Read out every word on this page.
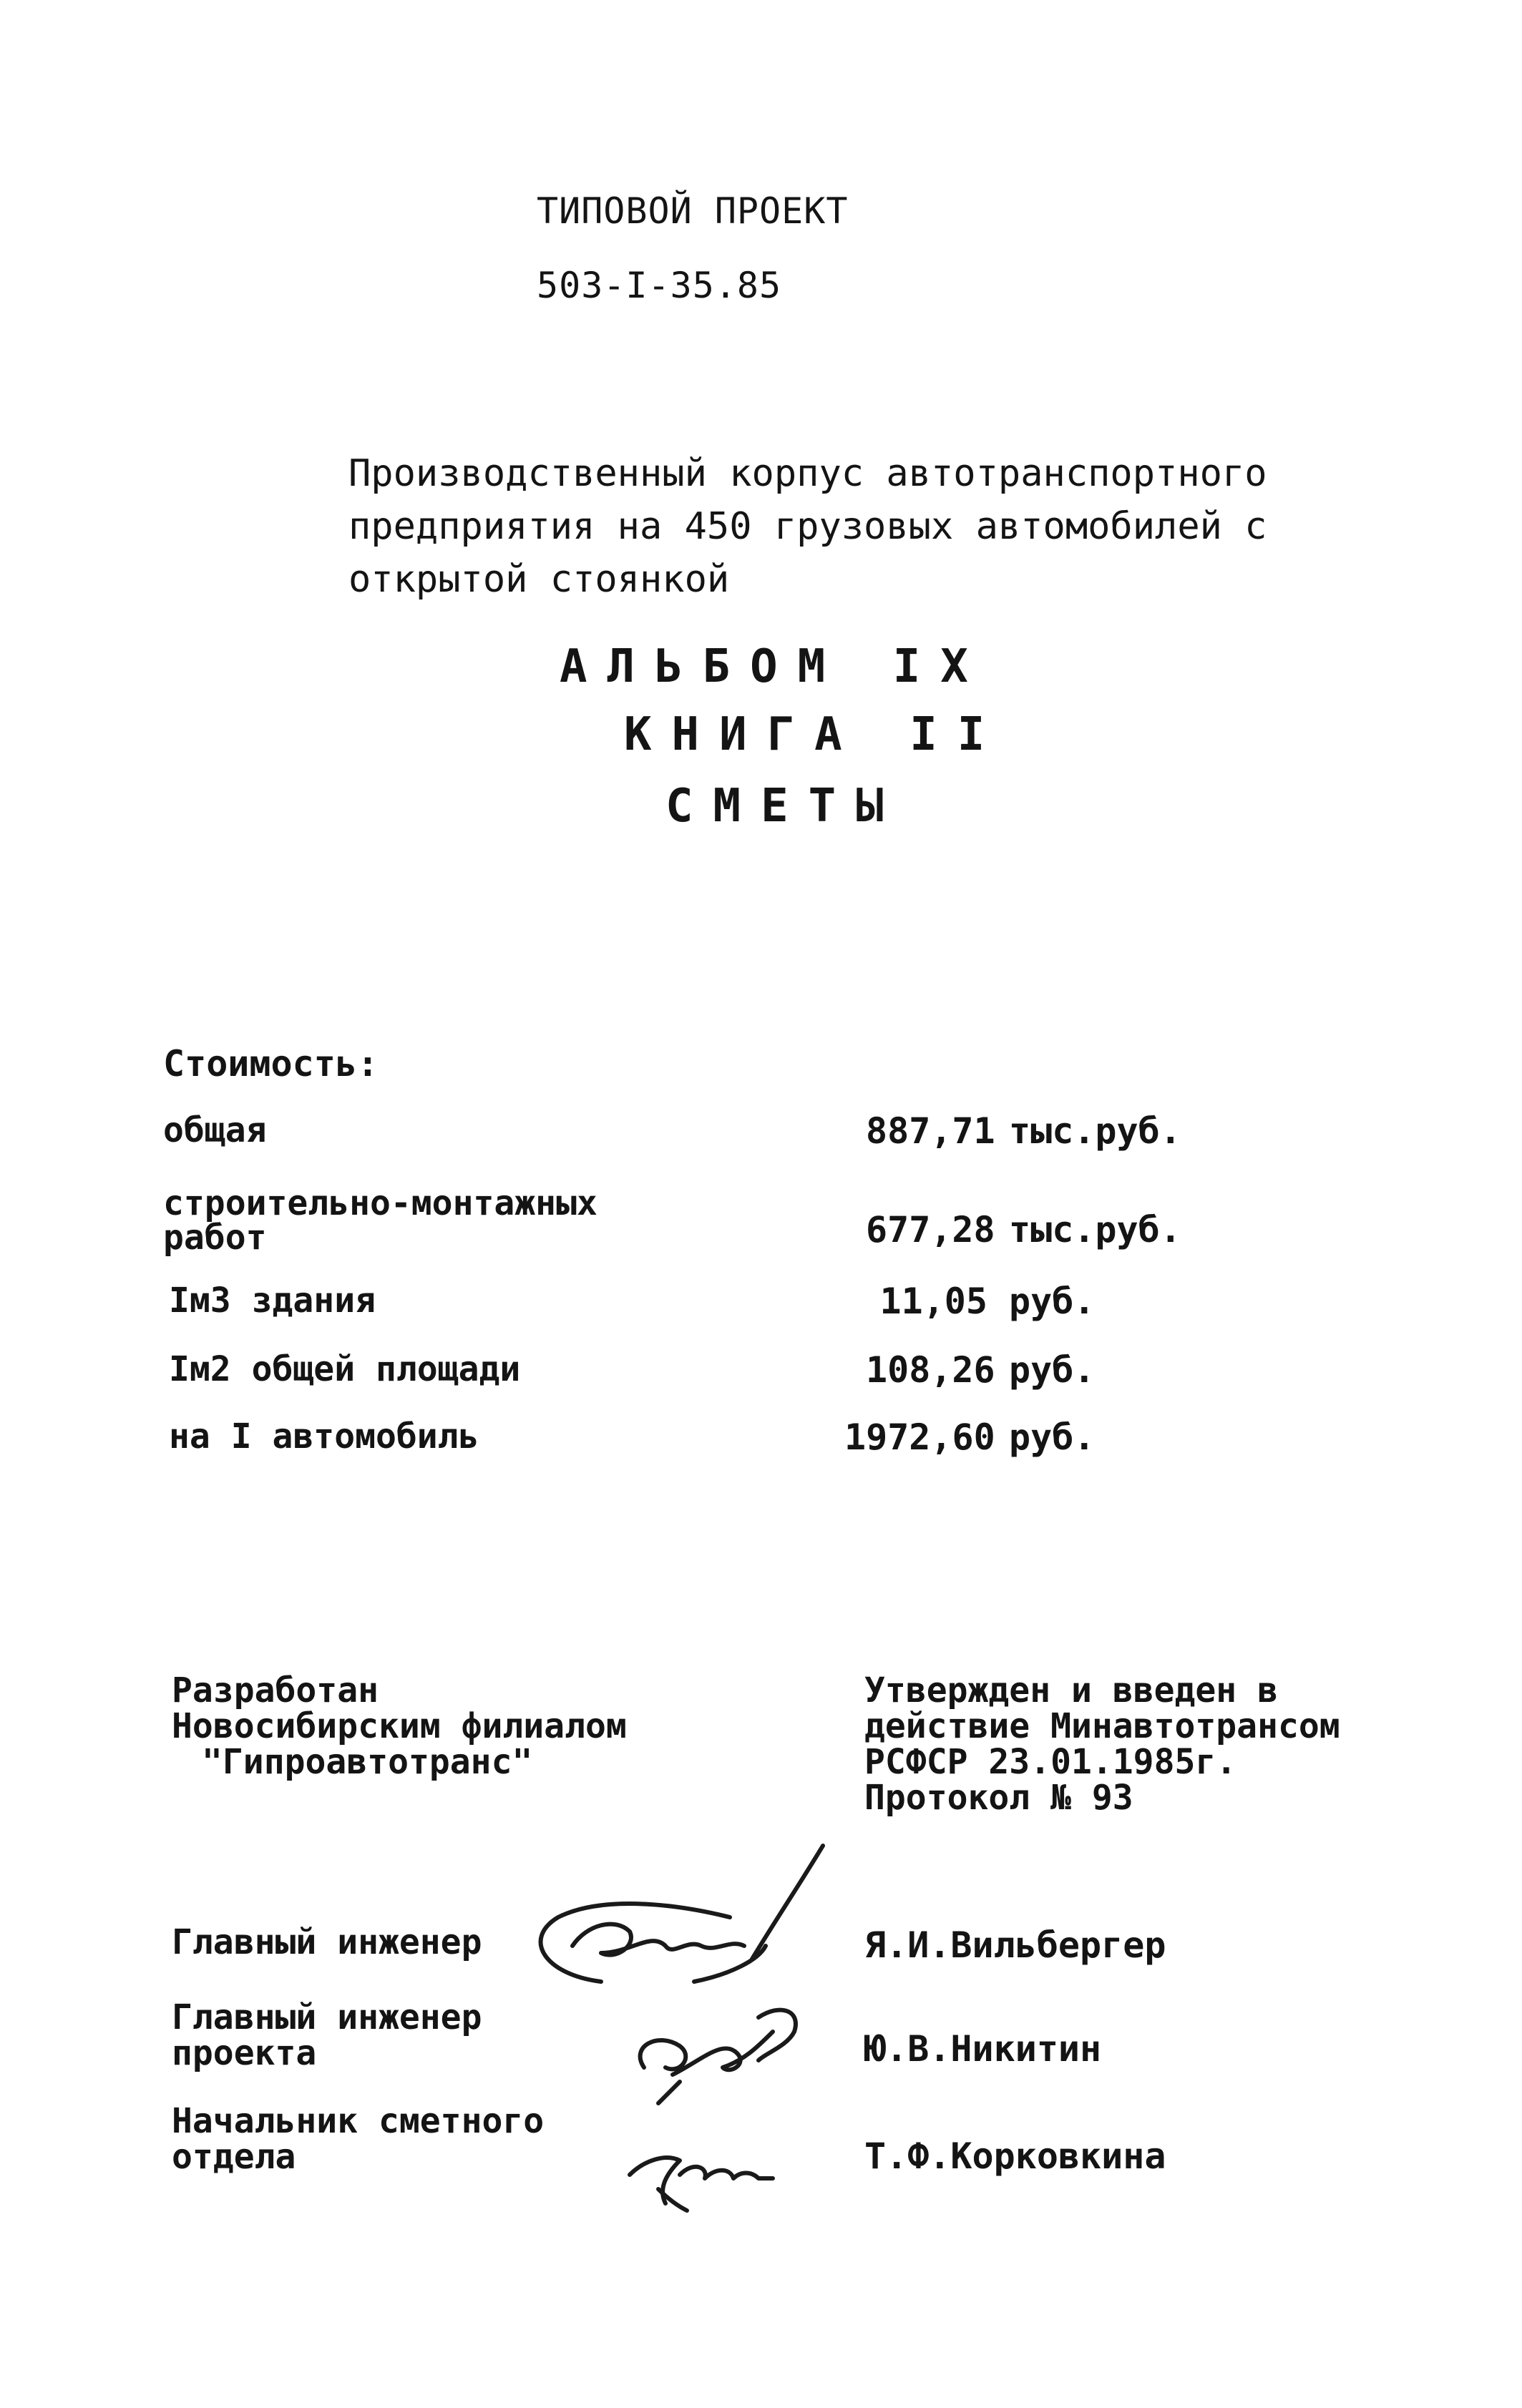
ТИПОВОЙ ПРОЕКТ
503-I-35.85
Производственный корпус автотранспортного предприятия на 450 грузовых автомобилей с открытой стоянкой
АЛЬБОМ IX
КНИГА II
СМЕТЫ
Стоимость:
общая	887,71 тыс.руб.
строительно-монтажных работ	677,28 тыс.руб.
Iм3 здания	11,05 руб.
Iм2 общей площади	108,26 руб.
на I автомобиль	1972,60 руб.
Разработан
Новосибирским филиалом
"Гипроавтотранс"
Утвержден и введен в
действие Минавтотрансом
РСФСР 23.01.1985г.
Протокол № 93
Главный инженер	Я.И.Вильбергер
Главный инженер
проекта	Ю.В.Никитин
Начальник сметного
отдела	Т.Ф.Корковкина
